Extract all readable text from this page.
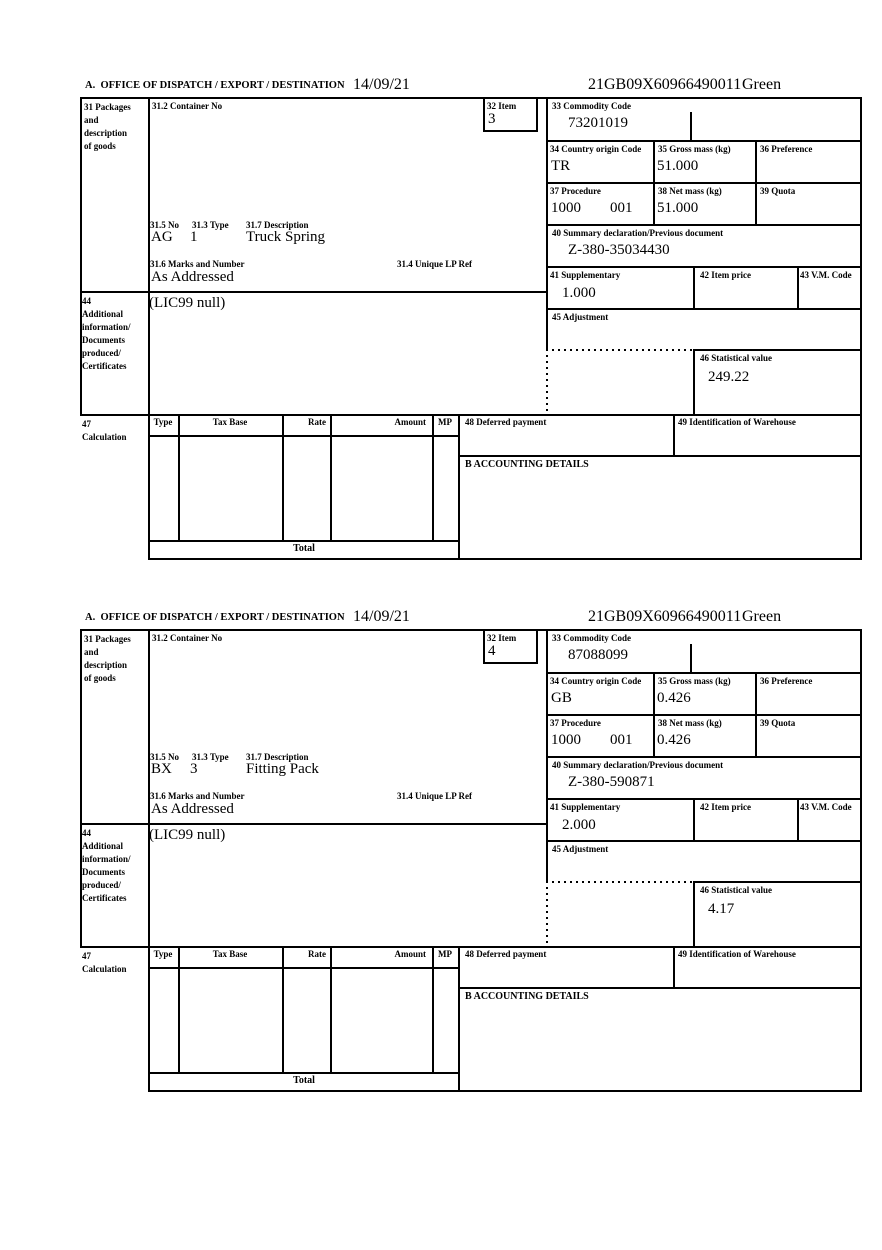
A.  OFFICE OF DISPATCH / EXPORT / DESTINATION 14/09/21	21GB09X60966490011 Green
31 Packages
and
description
of goods
31.2 Container No	32 Item
3
31.5 No 31.3 Type 31.7 Description
AG 1	Truck Spring
31.6 Marks and Number	31.4 Unique LP Ref
As Addressed
44
Additional
information/
Documents
produced/
Certificates
(LIC99 null)
33 Commodity Code
73201019
34 Country origin Code
TR
35 Gross mass (kg)
51.000
36 Preference
37 Procedure
1000 001
38 Net mass (kg)
51.000
39 Quota
40 Summary declaration/Previous document
Z-380-35034430
41 Supplementary
1.000
42 Item price	43 V.M. Code
45 Adjustment
46 Statistical value
249.22
47
Calculation
Type	Tax Base	Rate	Amount	MP	48 Deferred payment	49 Identification of Warehouse
B ACCOUNTING DETAILS
Total
A.  OFFICE OF DISPATCH / EXPORT / DESTINATION 14/09/21	21GB09X60966490011 Green
31 Packages
and
description
of goods
31.2 Container No	32 Item
4
31.5 No 31.3 Type 31.7 Description
BX 3	Fitting Pack
31.6 Marks and Number	31.4 Unique LP Ref
As Addressed
44
Additional
information/
Documents
produced/
Certificates
(LIC99 null)
33 Commodity Code
87088099
34 Country origin Code
GB
35 Gross mass (kg)
0.426
36 Preference
37 Procedure
1000 001
38 Net mass (kg)
0.426
39 Quota
40 Summary declaration/Previous document
Z-380-590871
41 Supplementary
2.000
42 Item price	43 V.M. Code
45 Adjustment
46 Statistical value
4.17
47
Calculation
Type	Tax Base	Rate	Amount	MP	48 Deferred payment	49 Identification of Warehouse
B ACCOUNTING DETAILS
Total
